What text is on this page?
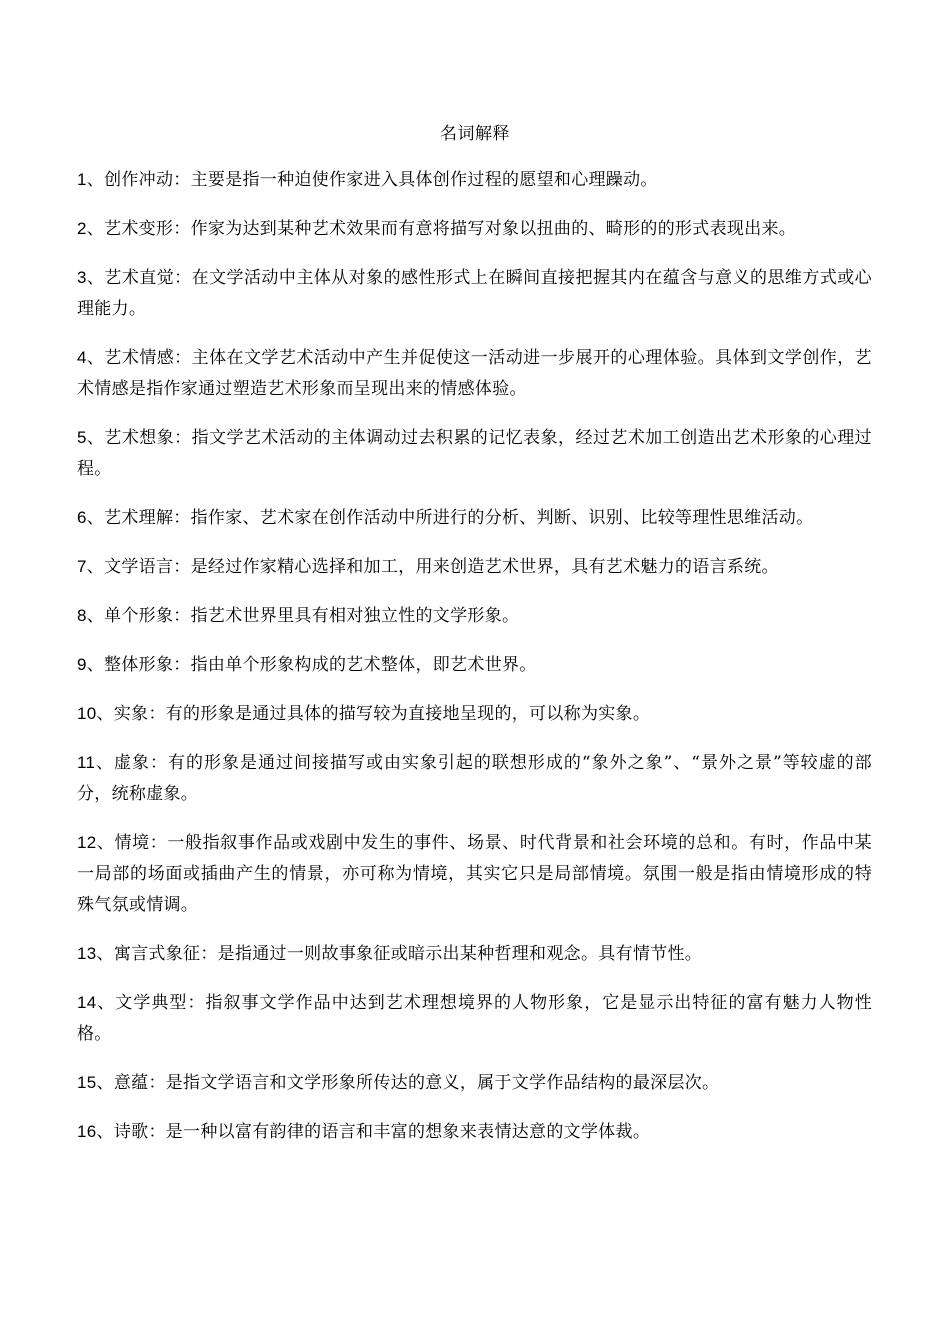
名词解释

1、创作冲动：主要是指一种迫使作家进入具体创作过程的愿望和心理躁动。

2、艺术变形：作家为达到某种艺术效果而有意将描写对象以扭曲的、畸形的的形式表现出来。

3、艺术直觉：在文学活动中主体从对象的感性形式上在瞬间直接把握其内在蕴含与意义的思维方式或心理能力。

4、艺术情感：主体在文学艺术活动中产生并促使这一活动进一步展开的心理体验。具体到文学创作，艺术情感是指作家通过塑造艺术形象而呈现出来的情感体验。

5、艺术想象：指文学艺术活动的主体调动过去积累的记忆表象，经过艺术加工创造出艺术形象的心理过程。

6、艺术理解：指作家、艺术家在创作活动中所进行的分析、判断、识别、比较等理性思维活动。

7、文学语言：是经过作家精心选择和加工，用来创造艺术世界，具有艺术魅力的语言系统。

8、单个形象：指艺术世界里具有相对独立性的文学形象。

9、整体形象：指由单个形象构成的艺术整体，即艺术世界。

10、实象：有的形象是通过具体的描写较为直接地呈现的，可以称为实象。

11、虚象：有的形象是通过间接描写或由实象引起的联想形成的“象外之象”、“景外之景”等较虚的部分，统称虚象。

12、情境：一般指叙事作品或戏剧中发生的事件、场景、时代背景和社会环境的总和。有时，作品中某一局部的场面或插曲产生的情景，亦可称为情境，其实它只是局部情境。氛围一般是指由情境形成的特殊气氛或情调。

13、寓言式象征：是指通过一则故事象征或暗示出某种哲理和观念。具有情节性。

14、文学典型：指叙事文学作品中达到艺术理想境界的人物形象，它是显示出特征的富有魅力人物性格。

15、意蕴：是指文学语言和文学形象所传达的意义，属于文学作品结构的最深层次。

16、诗歌：是一种以富有韵律的语言和丰富的想象来表情达意的文学体裁。
